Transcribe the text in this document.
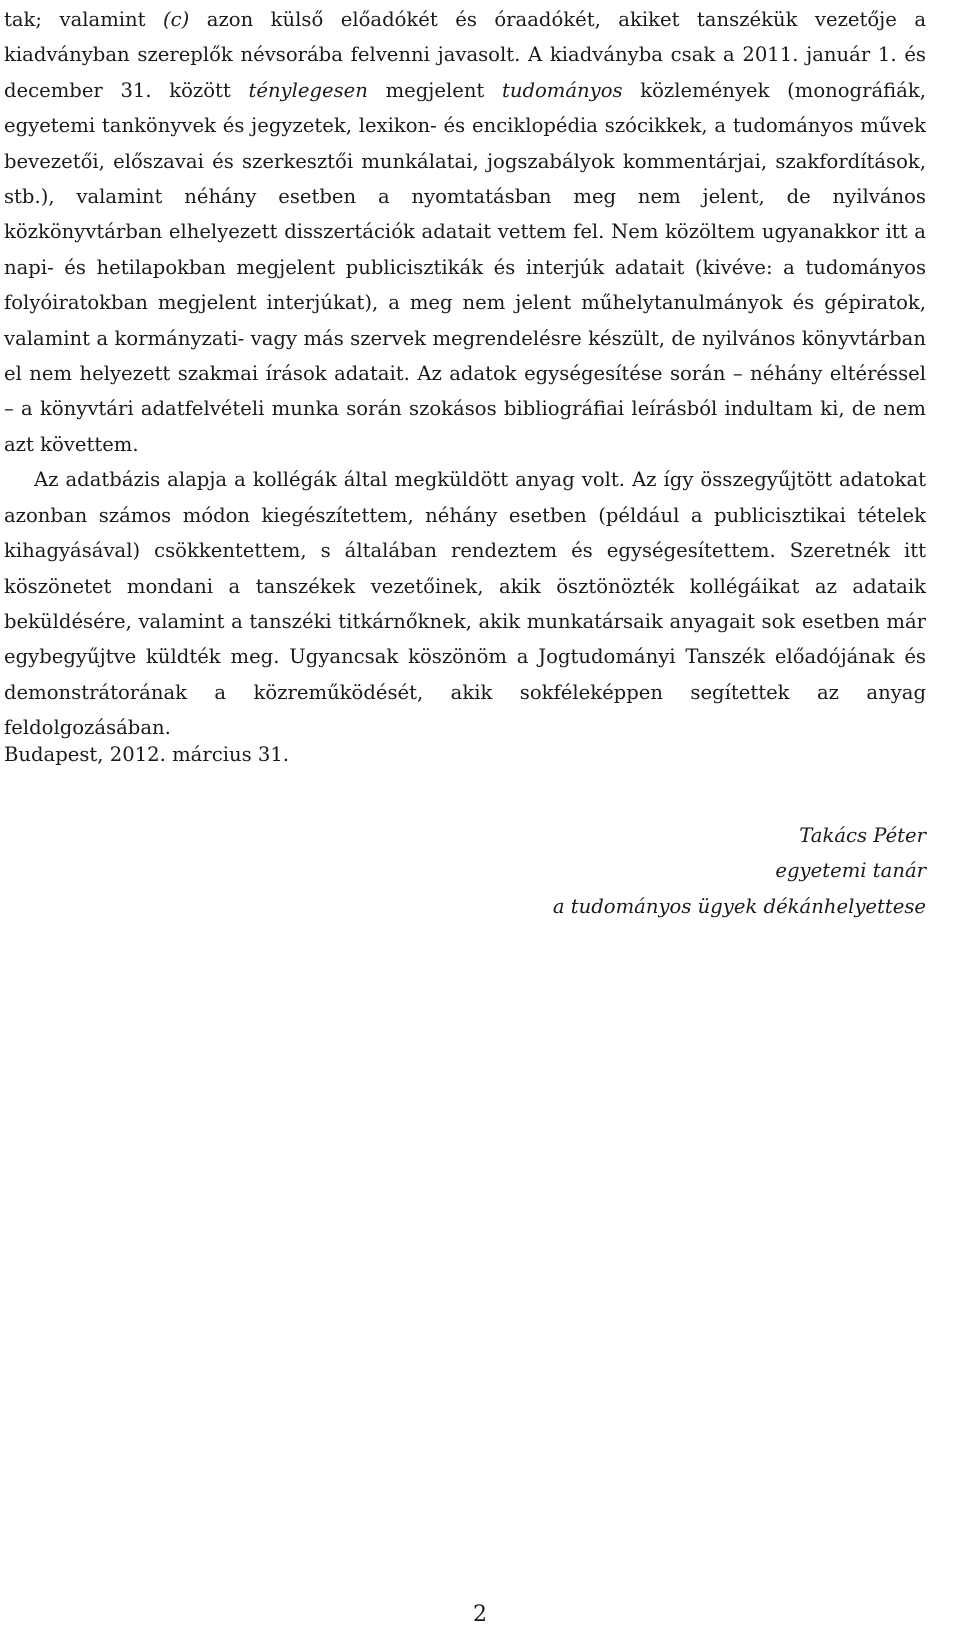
tak; valamint (c) azon külső előadókét és óraadókét, akiket tanszékük vezetője a kiadványban szereplők névsorába felvenni javasolt. A kiadványba csak a 2011. január 1. és december 31. között ténylegesen megjelent tudományos közlemények (monográfiák, egyetemi tankönyvek és jegyzetek, lexikon- és enciklopédia szócikkek, a tudományos művek bevezetői, előszavai és szerkesztői munkálatai, jogszabályok kommentárjai, szakfordítások, stb.), valamint néhány esetben a nyomtatásban meg nem jelent, de nyilvános közkönyvtárban elhelyezett disszertációk adatait vettem fel. Nem közöltem ugyanakkor itt a napi- és hetilapokban megjelent publicisztikák és interjúk adatait (kivéve: a tudományos folyóiratokban megjelent interjúkat), a meg nem jelent műhelytanulmányok és gépiratok, valamint a kormányzati- vagy más szervek megrendelésre készült, de nyilvános könyvtárban el nem helyezett szakmai írások adatait. Az adatok egységesítése során – néhány eltéréssel – a könyvtári adatfelvételi munka során szokásos bibliográfiai leírásból indultam ki, de nem azt követtem.

Az adatbázis alapja a kollégák által megküldött anyag volt. Az így összegyűjtött adatokat azonban számos módon kiegészítettem, néhány esetben (például a publicisztikai tételek kihagyásával) csökkentettem, s általában rendeztem és egységesítettem. Szeretnék itt köszönetet mondani a tanszékek vezetőinek, akik ösztönözték kollégáikat az adataik beküldésére, valamint a tanszéki titkárnőknek, akik munkatársaik anyagait sok esetben már egybegyűjtve küldték meg. Ugyancsak köszönöm a Jogtudományi Tanszék előadójának és demonstrátorának a közreműködését, akik sokféleképpen segítettek az anyag feldolgozásában.

Budapest, 2012. március 31.

Takács Péter
egyetemi tanár
a tudományos ügyek dékánhelyettese
2
